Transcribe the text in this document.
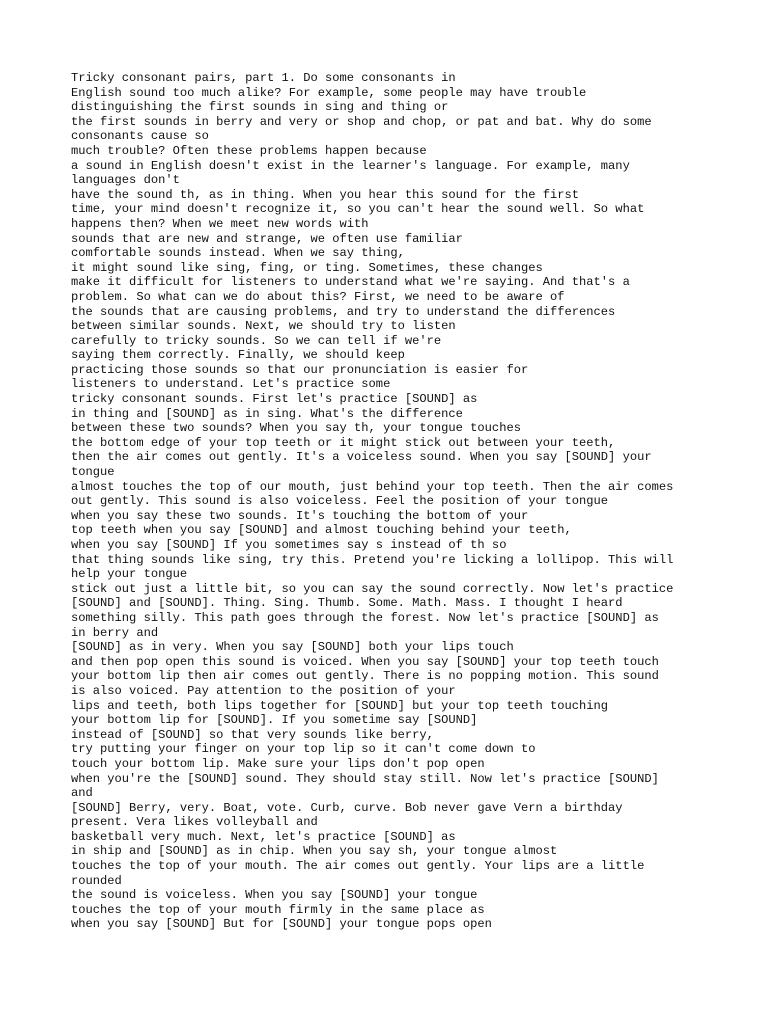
Tricky consonant pairs, part 1. Do some consonants in

English sound too much alike? For example, some people may have trouble

distinguishing the first sounds in sing and thing or

the first sounds in berry and very or shop and chop, or pat and bat. Why do some

consonants cause so

much trouble? Often these problems happen because

a sound in English doesn't exist in the learner's language. For example, many

languages don't

have the sound th, as in thing. When you hear this sound for the first

time, your mind doesn't recognize it, so you can't hear the sound well. So what

happens then? When we meet new words with

sounds that are new and strange, we often use familiar

comfortable sounds instead. When we say thing,

it might sound like sing, fing, or ting. Sometimes, these changes

make it difficult for listeners to understand what we're saying. And that's a

problem. So what can we do about this? First, we need to be aware of

the sounds that are causing problems, and try to understand the differences

between similar sounds. Next, we should try to listen

carefully to tricky sounds. So we can tell if we're

saying them correctly. Finally, we should keep

practicing those sounds so that our pronunciation is easier for

listeners to understand. Let's practice some

tricky consonant sounds. First let's practice [SOUND] as

in thing and [SOUND] as in sing. What's the difference

between these two sounds? When you say th, your tongue touches

the bottom edge of your top teeth or it might stick out between your teeth,

then the air comes out gently. It's a voiceless sound. When you say [SOUND] your

tongue

almost touches the top of our mouth, just behind your top teeth. Then the air comes

out gently. This sound is also voiceless. Feel the position of your tongue

when you say these two sounds. It's touching the bottom of your

top teeth when you say [SOUND] and almost touching behind your teeth,

when you say [SOUND] If you sometimes say s instead of th so

that thing sounds like sing, try this. Pretend you're licking a lollipop. This will

help your tongue

stick out just a little bit, so you can say the sound correctly. Now let's practice

[SOUND] and [SOUND]. Thing. Sing. Thumb. Some. Math. Mass. I thought I heard

something silly. This path goes through the forest. Now let's practice [SOUND] as

in berry and

[SOUND] as in very. When you say [SOUND] both your lips touch

and then pop open this sound is voiced. When you say [SOUND] your top teeth touch

your bottom lip then air comes out gently. There is no popping motion. This sound

is also voiced. Pay attention to the position of your

lips and teeth, both lips together for [SOUND] but your top teeth touching

your bottom lip for [SOUND]. If you sometime say [SOUND]

instead of [SOUND] so that very sounds like berry,

try putting your finger on your top lip so it can't come down to

touch your bottom lip. Make sure your lips don't pop open

when you're the [SOUND] sound. They should stay still. Now let's practice [SOUND]

and

[SOUND] Berry, very. Boat, vote. Curb, curve. Bob never gave Vern a birthday

present. Vera likes volleyball and

basketball very much. Next, let's practice [SOUND] as

in ship and [SOUND] as in chip. When you say sh, your tongue almost

touches the top of your mouth. The air comes out gently. Your lips are a little

rounded

the sound is voiceless. When you say [SOUND] your tongue

touches the top of your mouth firmly in the same place as

when you say [SOUND] But for [SOUND] your tongue pops open
